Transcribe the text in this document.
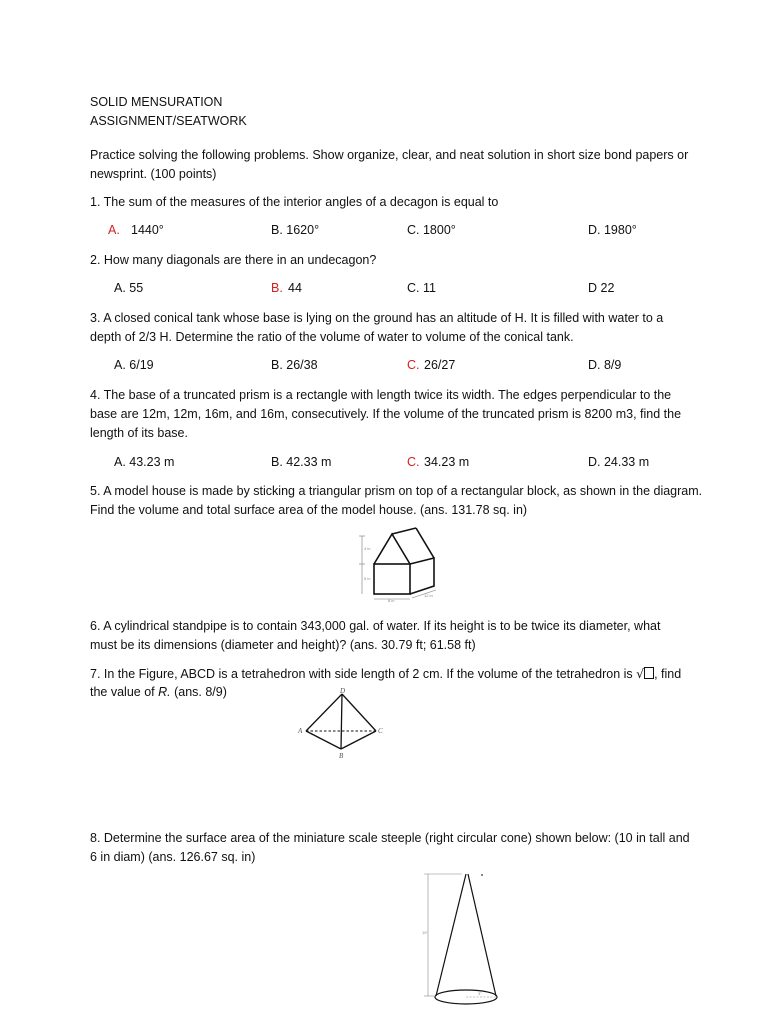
SOLID MENSURATION
ASSIGNMENT/SEATWORK
Practice solving the following problems. Show organize, clear, and neat solution in short size bond papers or
newsprint. (100 points)
1. The sum of the measures of the interior angles of a decagon is equal to
A. 1440°	B. 1620°	C. 1800°	D. 1980°
2. How many diagonals are there in an undecagon?
A. 55	B. 44	C. 11	D 22
3. A closed conical tank whose base is lying on the ground has an altitude of H. It is filled with water to a
depth of 2/3 H. Determine the ratio of the volume of water to volume of the conical tank.
A. 6/19	B. 26/38	C. 26/27	D. 8/9
4. The base of a truncated prism is a rectangle with length twice its width. The edges perpendicular to the
base are 12m, 12m, 16m, and 16m, consecutively. If the volume of the truncated prism is 8200 m3, find the
length of its base.
A. 43.23 m	B. 42.33 m	C. 34.23 m	D. 24.33 m
5. A model house is made by sticking a triangular prism on top of a rectangular block, as shown in the diagram.
Find the volume and total surface area of the model house. (ans. 131.78 sq. in)
4 in
5 in
8 in
12 in
6. A cylindrical standpipe is to contain 343,000 gal. of water. If its height is to be twice its diameter, what
must be its dimensions (diameter and height)? (ans. 30.79 ft; 61.58 ft)
7. In the Figure, ABCD is a tetrahedron with side length of 2 cm. If the volume of the tetrahedron is √ , find
the value of R. (ans. 8/9)	D
A	C
B
8. Determine the surface area of the miniature scale steeple (right circular cone) shown below: (10 in tall and
6 in diam) (ans. 126.67 sq. in)
10"
3"
